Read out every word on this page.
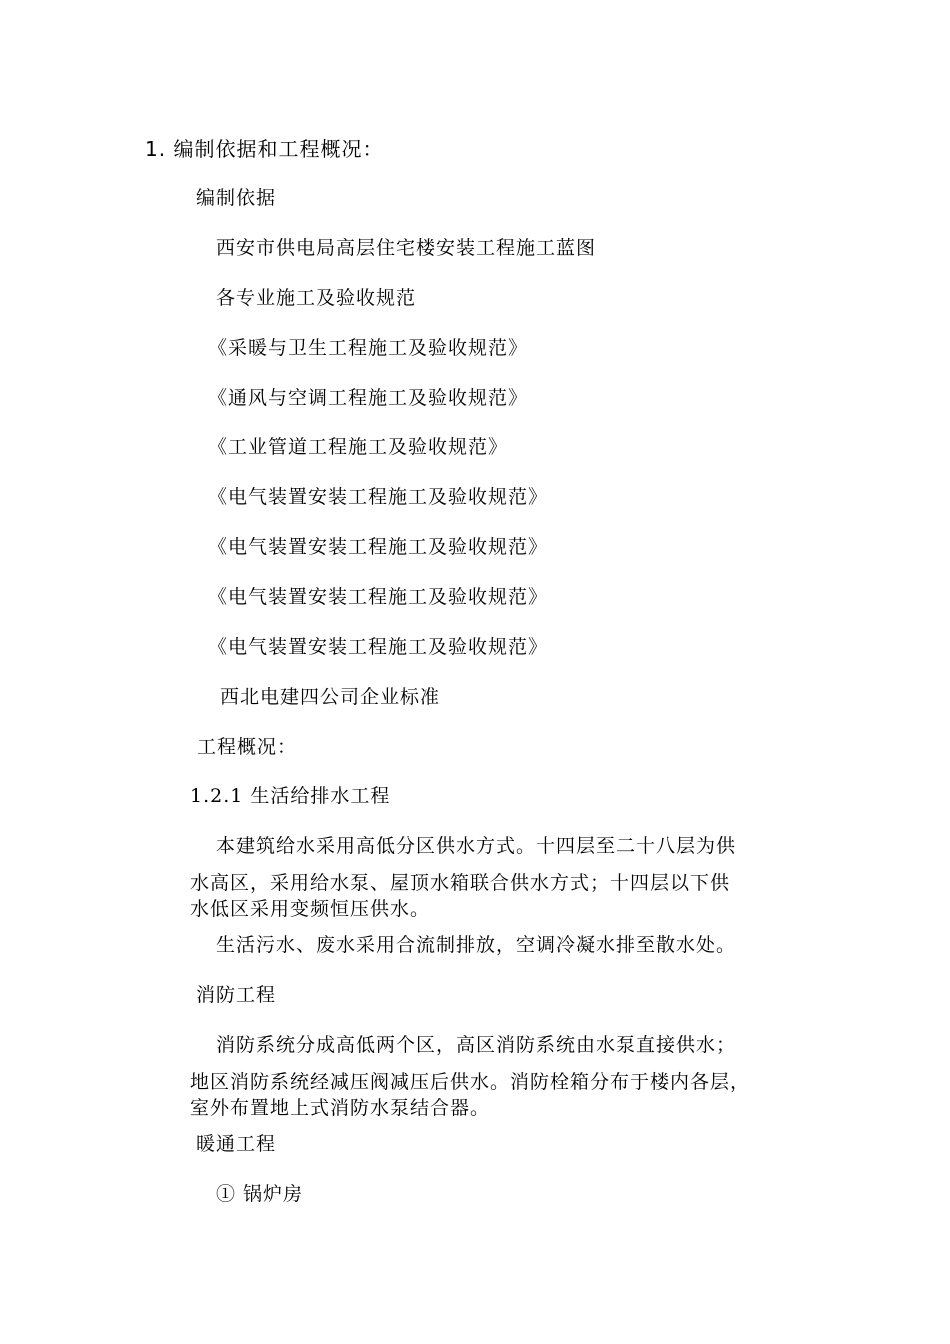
1. 编制依据和工程概况：
编制依据
西安市供电局高层住宅楼安装工程施工蓝图
各专业施工及验收规范
《采暖与卫生工程施工及验收规范》
《通风与空调工程施工及验收规范》
《工业管道工程施工及验收规范》
《电气装置安装工程施工及验收规范》
《电气装置安装工程施工及验收规范》
《电气装置安装工程施工及验收规范》
《电气装置安装工程施工及验收规范》
西北电建四公司企业标准
工程概况：
1.2.1 生活给排水工程
本建筑给水采用高低分区供水方式。十四层至二十八层为供
水高区，采用给水泵、屋顶水箱联合供水方式；十四层以下供
水低区采用变频恒压供水。
生活污水、废水采用合流制排放，空调冷凝水排至散水处。
消防工程
消防系统分成高低两个区，高区消防系统由水泵直接供水；
地区消防系统经减压阀减压后供水。消防栓箱分布于楼内各层，
室外布置地上式消防水泵结合器。
暖通工程
① 锅炉房
